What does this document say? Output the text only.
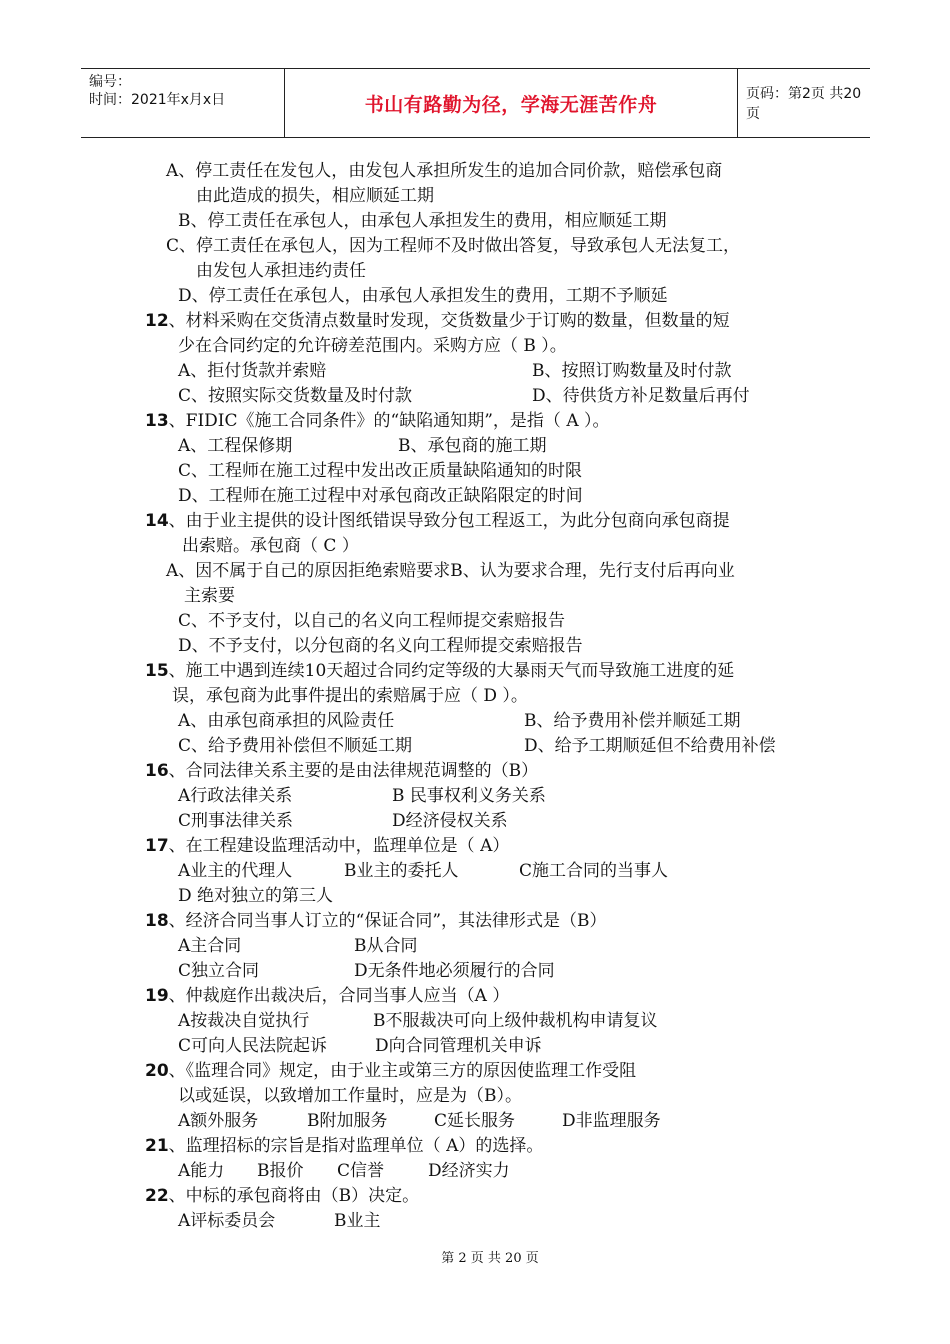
编号：
时间：2021年x月x日	书山有路勤为径，学海无涯苦作舟	页码：第2页 共20页
A、停工责任在发包人，由发包人承担所发生的追加合同价款，赔偿承包商
由此造成的损失，相应顺延工期
B、停工责任在承包人，由承包人承担发生的费用，相应顺延工期
C、停工责任在承包人，因为工程师不及时做出答复，导致承包人无法复工，
由发包人承担违约责任
D、停工责任在承包人，由承包人承担发生的费用，工期不予顺延
12、材料采购在交货清点数量时发现，交货数量少于订购的数量，但数量的短
少在合同约定的允许磅差范围内。采购方应（ B ）。
A、拒付货款并索赔	B、按照订购数量及时付款
C、按照实际交货数量及时付款	D、待供货方补足数量后再付
13、FIDIC《施工合同条件》的“缺陷通知期”，是指（ A ）。
A、工程保修期	B、承包商的施工期
C、工程师在施工过程中发出改正质量缺陷通知的时限
D、工程师在施工过程中对承包商改正缺陷限定的时间
14、由于业主提供的设计图纸错误导致分包工程返工，为此分包商向承包商提
出索赔。承包商（ C ）
A、因不属于自己的原因拒绝索赔要求B、认为要求合理，先行支付后再向业
主索要
C、不予支付，以自己的名义向工程师提交索赔报告
D、不予支付，以分包商的名义向工程师提交索赔报告
15、施工中遇到连续10天超过合同约定等级的大暴雨天气而导致施工进度的延
误，承包商为此事件提出的索赔属于应（ D ）。
A、由承包商承担的风险责任	B、给予费用补偿并顺延工期
C、给予费用补偿但不顺延工期	D、给予工期顺延但不给费用补偿
16、合同法律关系主要的是由法律规范调整的（B）
A行政法律关系	B 民事权利义务关系
C刑事法律关系	D经济侵权关系
17、在工程建设监理活动中，监理单位是（ A）
A业主的代理人	B业主的委托人	C施工合同的当事人
D 绝对独立的第三人
18、经济合同当事人订立的“保证合同”，其法律形式是（B）
A主合同	B从合同
C独立合同	D无条件地必须履行的合同
19、仲裁庭作出裁决后，合同当事人应当（A ）
A按裁决自觉执行	B不服裁决可向上级仲裁机构申请复议
C可向人民法院起诉	D向合同管理机关申诉
20、《监理合同》规定，由于业主或第三方的原因使监理工作受阻
以或延误，以致增加工作量时，应是为（B）。
A额外服务	B附加服务	C延长服务	D非监理服务
21、监理招标的宗旨是指对监理单位（ A）的选择。
A能力 B报价 C信誉	D经济实力
22、中标的承包商将由（B）决定。
A评标委员会	B业主
第 2 页 共 20 页
